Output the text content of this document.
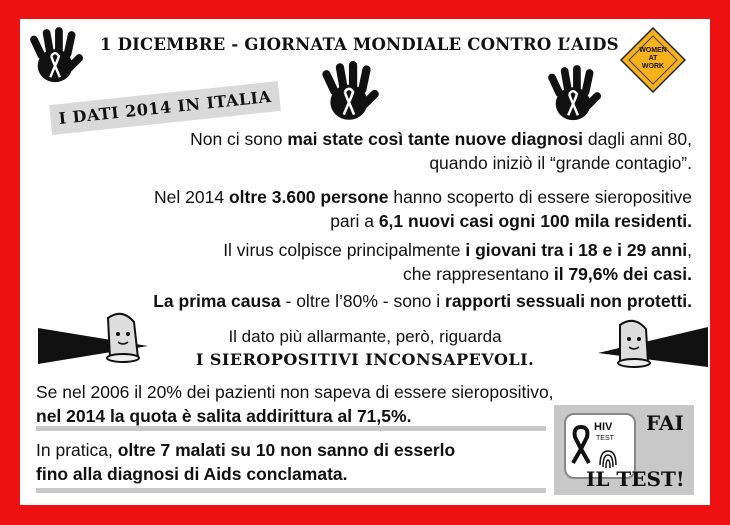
1 DICEMBRE - GIORNATA MONDIALE CONTRO L’AIDS	WOMEN
AT
WORK
I DATI 2014 IN ITALIA
Non ci sono mai state così tante nuove diagnosi dagli anni 80,
quando iniziò il “grande contagio”.
Nel 2014 oltre 3.600 persone hanno scoperto di essere sieropositive
pari a 6,1 nuovi casi ogni 100 mila residenti.
Il virus colpisce principalmente i giovani tra i 18 e i 29 anni,
che rappresentano il 79,6% dei casi.
La prima causa - oltre l’80% - sono i rapporti sessuali non protetti.
Il dato più allarmante, però, riguarda
I SIEROPOSITIVI INCONSAPEVOLI.
Se nel 2006 il 20% dei pazienti non sapeva di essere sieropositivo,
nel 2014 la quota è salita addirittura al 71,5%.
In pratica, oltre 7 malati su 10 non sanno di esserlo
fino alla diagnosi di Aids conclamata.
HIV
TEST
FAI
IL TEST!
